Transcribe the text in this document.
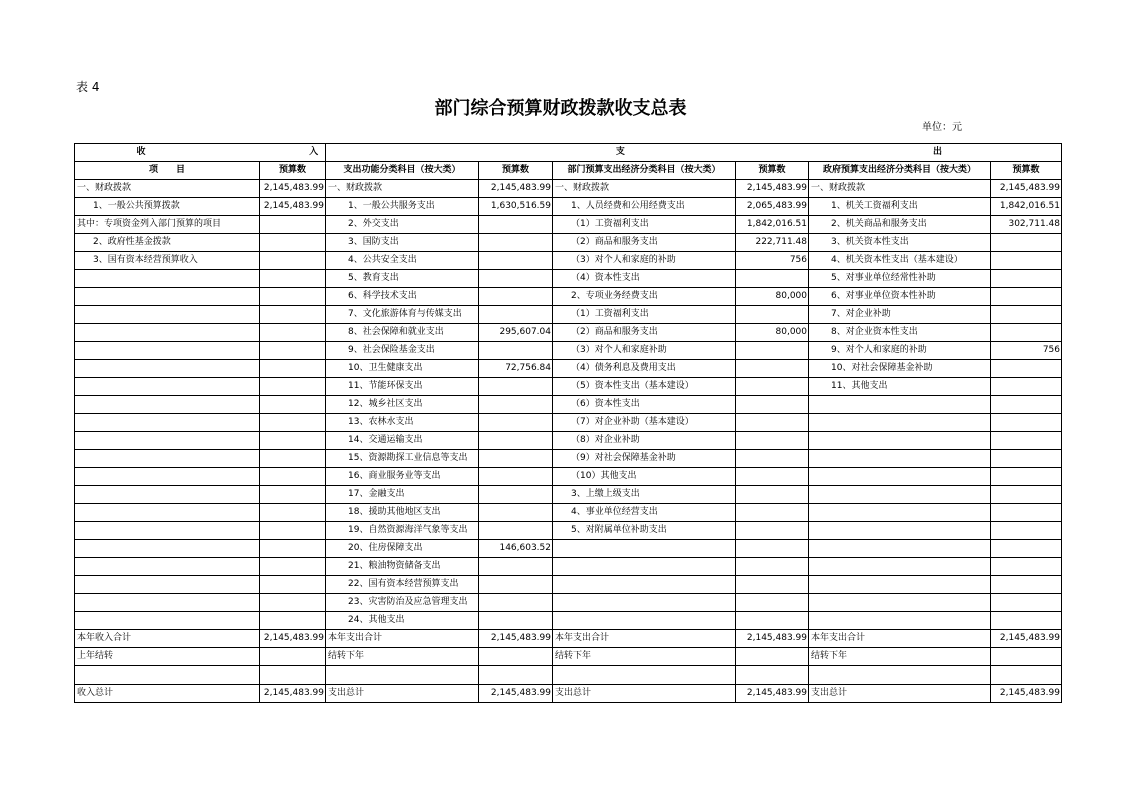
表 4
部门综合预算财政拨款收支总表
单位：元
收 入		支 出					
项　　目	预算数	支出功能分类科目（按大类）	预算数	部门预算支出经济分类科目（按大类）	预算数	政府预算支出经济分类科目（按大类）	预算数
一、财政拨款	2,145,483.99	一、财政拨款	2,145,483.99	一、财政拨款	2,145,483.99	一、财政拨款	2,145,483.99
1、一般公共预算拨款	2,145,483.99	1、一般公共服务支出	1,630,516.59	1、人员经费和公用经费支出	2,065,483.99	1、机关工资福利支出	1,842,016.51
其中：专项资金列入部门预算的项目		2、外交支出		（1）工资福利支出	1,842,016.51	2、机关商品和服务支出	302,711.48
2、政府性基金拨款		3、国防支出		（2）商品和服务支出	222,711.48	3、机关资本性支出	
3、国有资本经营预算收入		4、公共安全支出		（3）对个人和家庭的补助	756	4、机关资本性支出（基本建设）	
		5、教育支出		（4）资本性支出		5、对事业单位经常性补助	
		6、科学技术支出		2、专项业务经费支出	80,000	6、对事业单位资本性补助	
		7、文化旅游体育与传媒支出		（1）工资福利支出		7、对企业补助	
		8、社会保障和就业支出	295,607.04	（2）商品和服务支出	80,000	8、对企业资本性支出	
		9、社会保险基金支出		（3）对个人和家庭补助		9、对个人和家庭的补助	756
		10、卫生健康支出	72,756.84	（4）债务利息及费用支出		10、对社会保障基金补助	
		11、节能环保支出		（5）资本性支出（基本建设）		11、其他支出	
		12、城乡社区支出		（6）资本性支出			
		13、农林水支出		（7）对企业补助（基本建设）			
		14、交通运输支出		（8）对企业补助			
		15、资源勘探工业信息等支出		（9）对社会保障基金补助			
		16、商业服务业等支出		（10）其他支出			
		17、金融支出		3、上缴上级支出			
		18、援助其他地区支出		4、事业单位经营支出			
		19、自然资源海洋气象等支出		5、对附属单位补助支出			
		20、住房保障支出	146,603.52				
		21、粮油物资储备支出					
		22、国有资本经营预算支出					
		23、灾害防治及应急管理支出					
		24、其他支出					
本年收入合计	2,145,483.99	本年支出合计	2,145,483.99	本年支出合计	2,145,483.99	本年支出合计	2,145,483.99
上年结转		结转下年		结转下年		结转下年	

收入总计	2,145,483.99	支出总计	2,145,483.99	支出总计	2,145,483.99	支出总计	2,145,483.99
